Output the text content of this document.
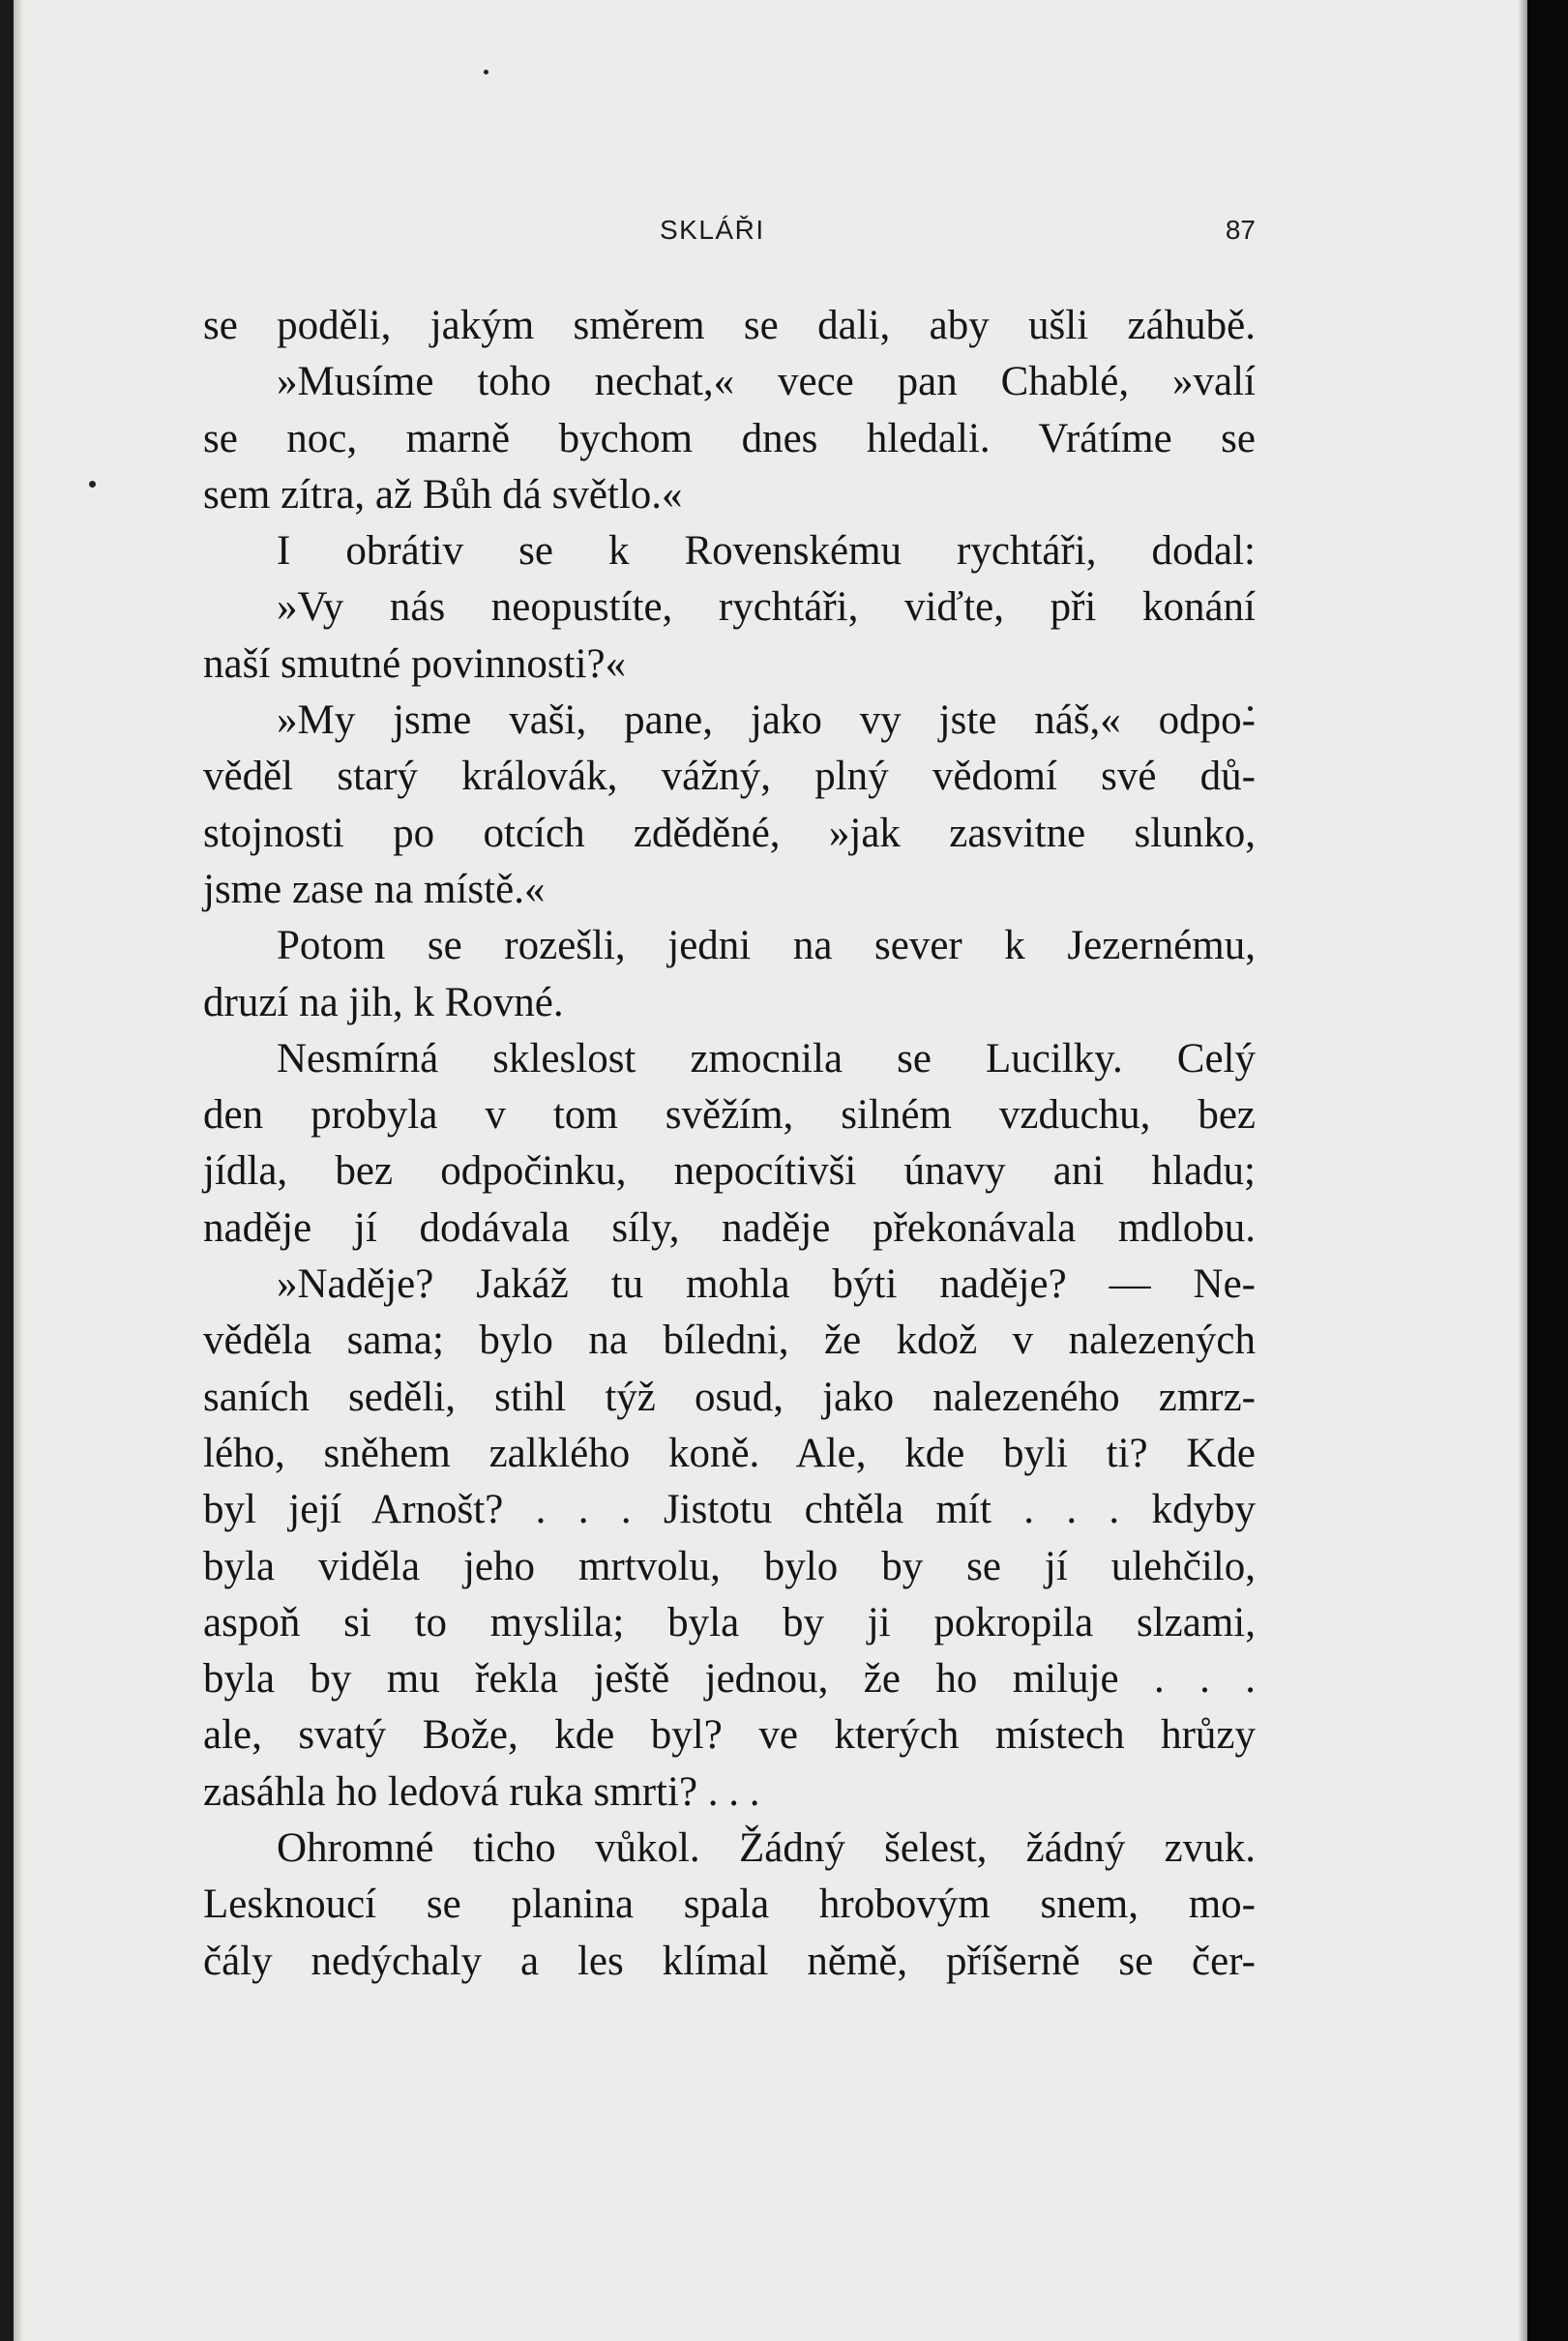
SKLÁŘI	87
se poděli, jakým směrem se dali, aby ušli záhubě.
»Musíme toho nechat,« vece pan Chablé, »valí
se noc, marně bychom dnes hledali. Vrátíme se
sem zítra, až Bůh dá světlo.«
I obrátiv se k Rovenskému rychtáři, dodal:
»Vy nás neopustíte, rychtáři, viďte, při konání
naší smutné povinnosti?«
»My jsme vaši, pane, jako vy jste náš,« odpo-
věděl starý královák, vážný, plný vědomí své dů-
stojnosti po otcích zděděné, »jak zasvitne slunko,
jsme zase na místě.«
Potom se rozešli, jedni na sever k Jezernému,
druzí na jih, k Rovné.
Nesmírná skleslost zmocnila se Lucilky. Celý
den probyla v tom svěžím, silném vzduchu, bez
jídla, bez odpočinku, nepocítivši únavy ani hladu;
naděje jí dodávala síly, naděje překonávala mdlobu.
»Naděje? Jakáž tu mohla býti naděje? — Ne-
věděla sama; bylo na bíledni, že kdož v nalezených
saních seděli, stihl týž osud, jako nalezeného zmrz-
lého, sněhem zalklého koně. Ale, kde byli ti? Kde
byl její Arnošt? . . . Jistotu chtěla mít . . . kdyby
byla viděla jeho mrtvolu, bylo by se jí ulehčilo,
aspoň si to myslila; byla by ji pokropila slzami,
byla by mu řekla ještě jednou, že ho miluje . . .
ale, svatý Bože, kde byl? ve kterých místech hrůzy
zasáhla ho ledová ruka smrti? . . .
Ohromné ticho vůkol. Žádný šelest, žádný zvuk.
Lesknoucí se planina spala hrobovým snem, mo-
čály nedýchaly a les klímal němě, příšerně se čer-
